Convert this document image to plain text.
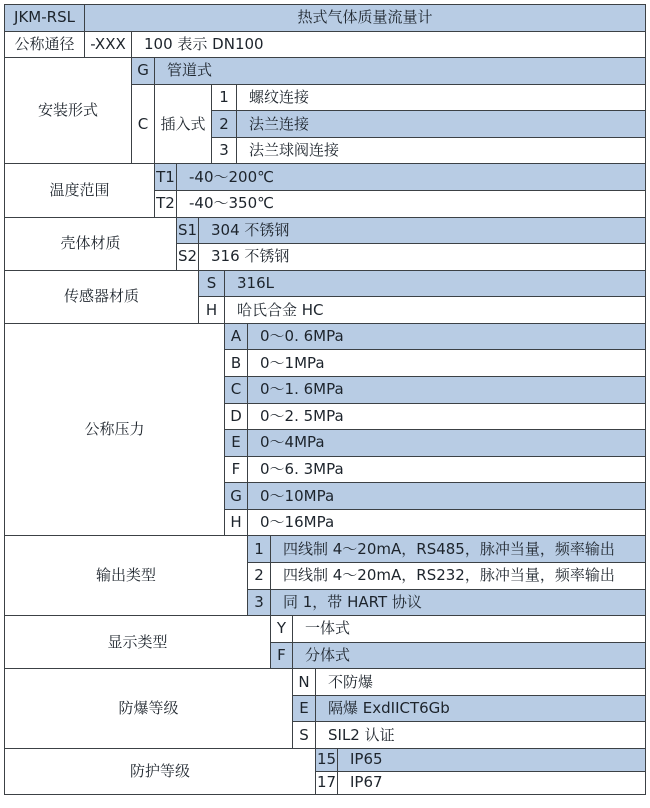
JKM-RSL	热式气体质量流量计
公称通径	-XXX	100 表示 DN100
安装形式
G	管道式
C 插入式
1	螺纹连接
2	法兰连接
3	法兰球阀连接
温度范围
T1 -40～200℃
T2 -40～350℃
壳体材质
S1 304 不锈钢
S2 316 不锈钢
传感器材质
S	316L
H	哈氏合金 HC
公称压力
A	0～0. 6MPa
B	0～1MPa
C	0～1. 6MPa
D	0～2. 5MPa
E	0～4MPa
F	0～6. 3MPa
G	0～10MPa
H	0～16MPa
输出类型
1	四线制 4～20mA，RS485，脉冲当量，频率输出
2	四线制 4～20mA，RS232，脉冲当量，频率输出
3	同 1，带 HART 协议
显示类型
Y	一体式
F	分体式
防爆等级
N	不防爆
E	隔爆 ExdIICT6Gb
S	SIL2 认证
防护等级
15 IP65
17 IP67
